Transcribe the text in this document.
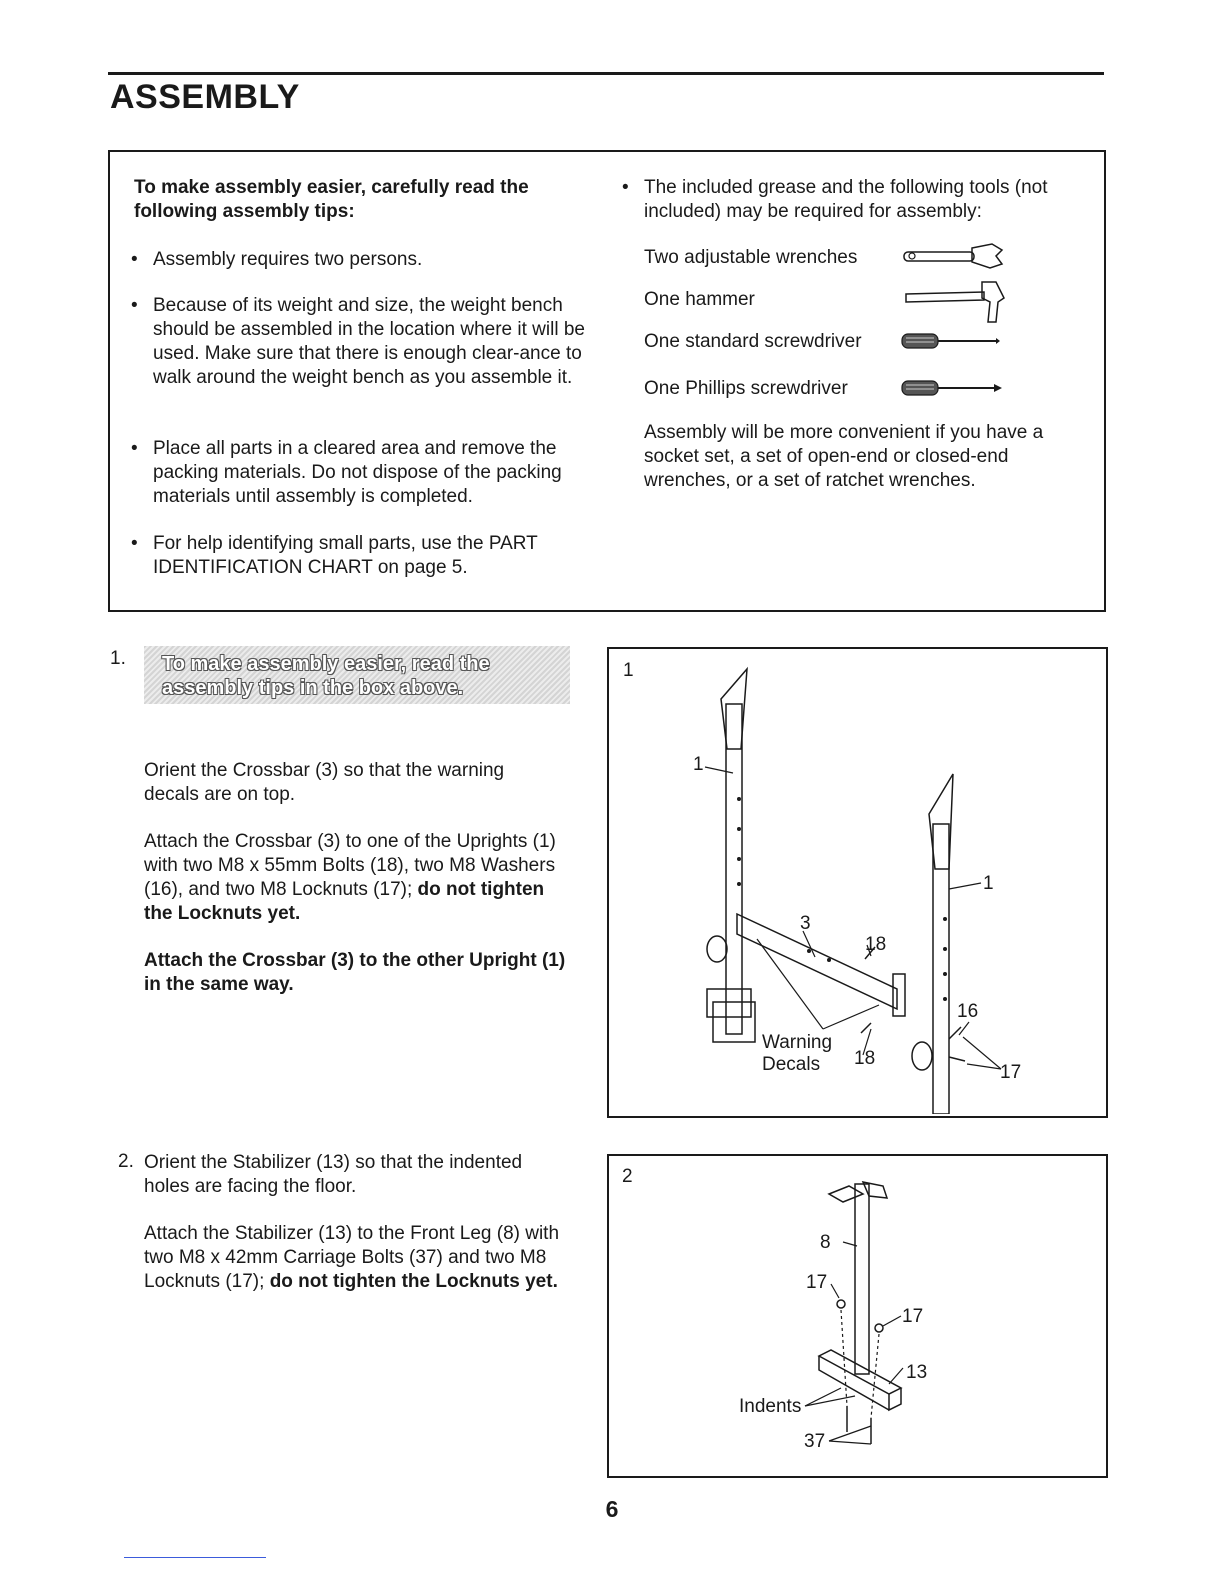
ASSEMBLY
To make assembly easier, carefully read the following assembly tips:
• Assembly requires two persons.
• Because of its weight and size, the weight bench should be assembled in the location where it will be used. Make sure that there is enough clear-ance to walk around the weight bench as you assemble it.
• Place all parts in a cleared area and remove the packing materials. Do not dispose of the packing materials until assembly is completed.
• For help identifying small parts, use the PART IDENTIFICATION CHART on page 5.
• The included grease and the following tools (not included) may be required for assembly:
Two adjustable wrenches
One hammer
One standard screwdriver
One Phillips screwdriver
Assembly will be more convenient if you have a socket set, a set of open-end or closed-end wrenches, or a set of ratchet wrenches.
1. To make assembly easier, read the assembly tips in the box above.
Orient the Crossbar (3) so that the warning decals are on top.
Attach the Crossbar (3) to one of the Uprights (1) with two M8 x 55mm Bolts (18), two M8 Washers (16), and two M8 Locknuts (17); do not tighten the Locknuts yet.
Attach the Crossbar (3) to the other Upright (1) in the same way.
1
1
1
3
18
16
Warning
Decals 18
17
2. Orient the Stabilizer (13) so that the indented holes are facing the floor.
Attach the Stabilizer (13) to the Front Leg (8) with two M8 x 42mm Carriage Bolts (37) and two M8 Locknuts (17); do not tighten the Locknuts yet.
2
8
17
17
13
Indents
37
6
